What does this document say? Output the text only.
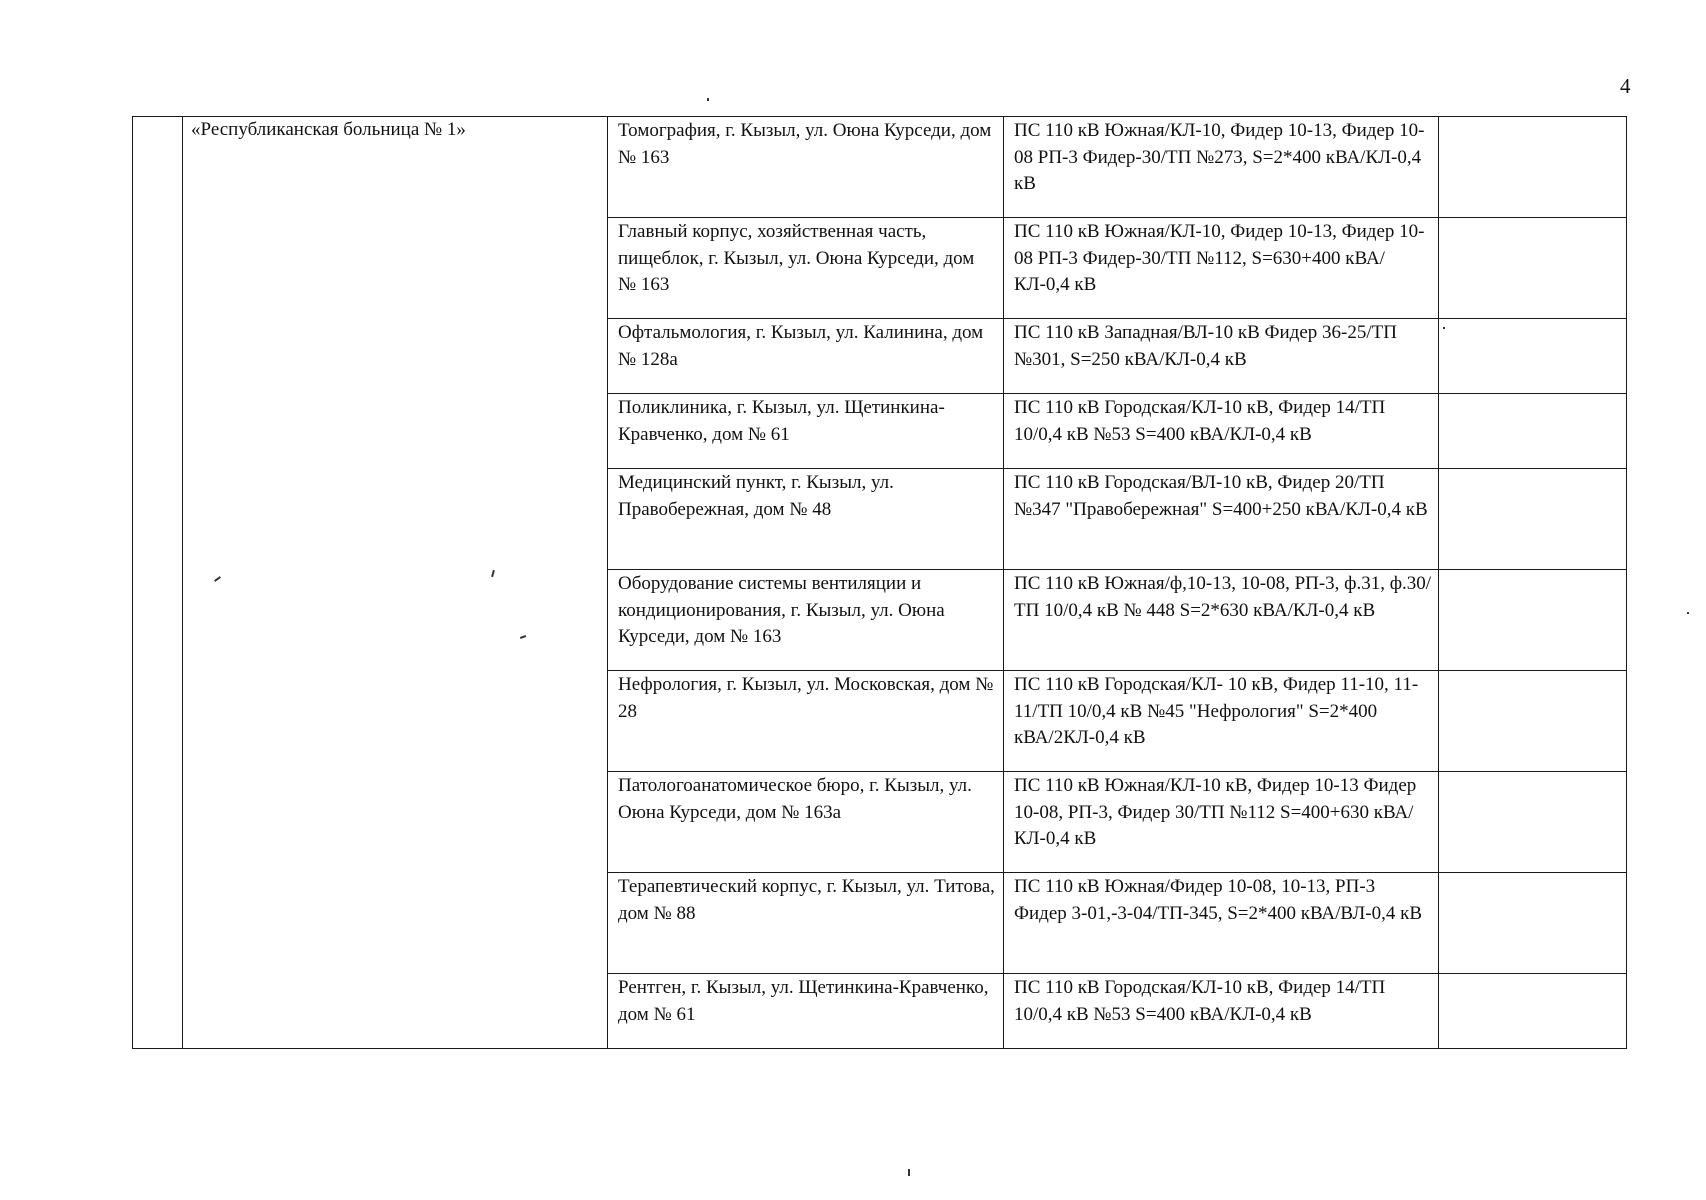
4
	«Республиканская больница № 1»	Томография, г. Кызыл, ул. Оюна Курседи, дом № 163	ПС 110 кВ Южная/КЛ-10, Фидер 10-13, Фидер 10-08 РП-3 Фидер-30/ТП №273, S=2*400 кВА/КЛ-0,4 кВ	
		Главный корпус, хозяйственная часть, пищеблок, г. Кызыл, ул. Оюна Курседи, дом № 163	ПС 110 кВ Южная/КЛ-10, Фидер 10-13, Фидер 10-08 РП-3 Фидер-30/ТП №112, S=630+400 кВА/КЛ-0,4 кВ	
		Офтальмология, г. Кызыл, ул. Калинина, дом № 128а	ПС 110 кВ Западная/ВЛ-10 кВ Фидер 36-25/ТП №301, S=250 кВА/КЛ-0,4 кВ	
		Поликлиника, г. Кызыл, ул. Щетинкина-Кравченко, дом № 61	ПС 110 кВ Городская/КЛ-10 кВ, Фидер 14/ТП 10/0,4 кВ №53 S=400 кВА/КЛ-0,4 кВ	
		Медицинский пункт, г. Кызыл, ул. Правобережная, дом № 48	ПС 110 кВ Городская/ВЛ-10 кВ, Фидер 20/ТП №347 "Правобережная" S=400+250 кВА/КЛ-0,4 кВ	
		Оборудование системы вентиляции и кондиционирования, г. Кызыл, ул. Оюна Курседи, дом № 163	ПС 110 кВ Южная/ф,10-13, 10-08, РП-3, ф.31, ф.30/ТП 10/0,4 кВ № 448 S=2*630 кВА/КЛ-0,4 кВ	
		Нефрология, г. Кызыл, ул. Московская, дом № 28	ПС 110 кВ Городская/КЛ- 10 кВ, Фидер 11-10, 11-11/ТП 10/0,4 кВ №45 "Нефрология" S=2*400 кВА/2КЛ-0,4 кВ	
		Патологоанатомическое бюро, г. Кызыл, ул. Оюна Курседи, дом № 163а	ПС 110 кВ Южная/КЛ-10 кВ, Фидер 10-13 Фидер 10-08, РП-3, Фидер 30/ТП №112 S=400+630 кВА/КЛ-0,4 кВ	
		Терапевтический корпус, г. Кызыл, ул. Титова, дом № 88	ПС 110 кВ Южная/Фидер 10-08, 10-13, РП-3 Фидер 3-01,-3-04/ТП-345, S=2*400 кВА/ВЛ-0,4 кВ	
		Рентген, г. Кызыл, ул. Щетинкина-Кравченко, дом № 61	ПС 110 кВ Городская/КЛ-10 кВ, Фидер 14/ТП 10/0,4 кВ №53 S=400 кВА/КЛ-0,4 кВ	
